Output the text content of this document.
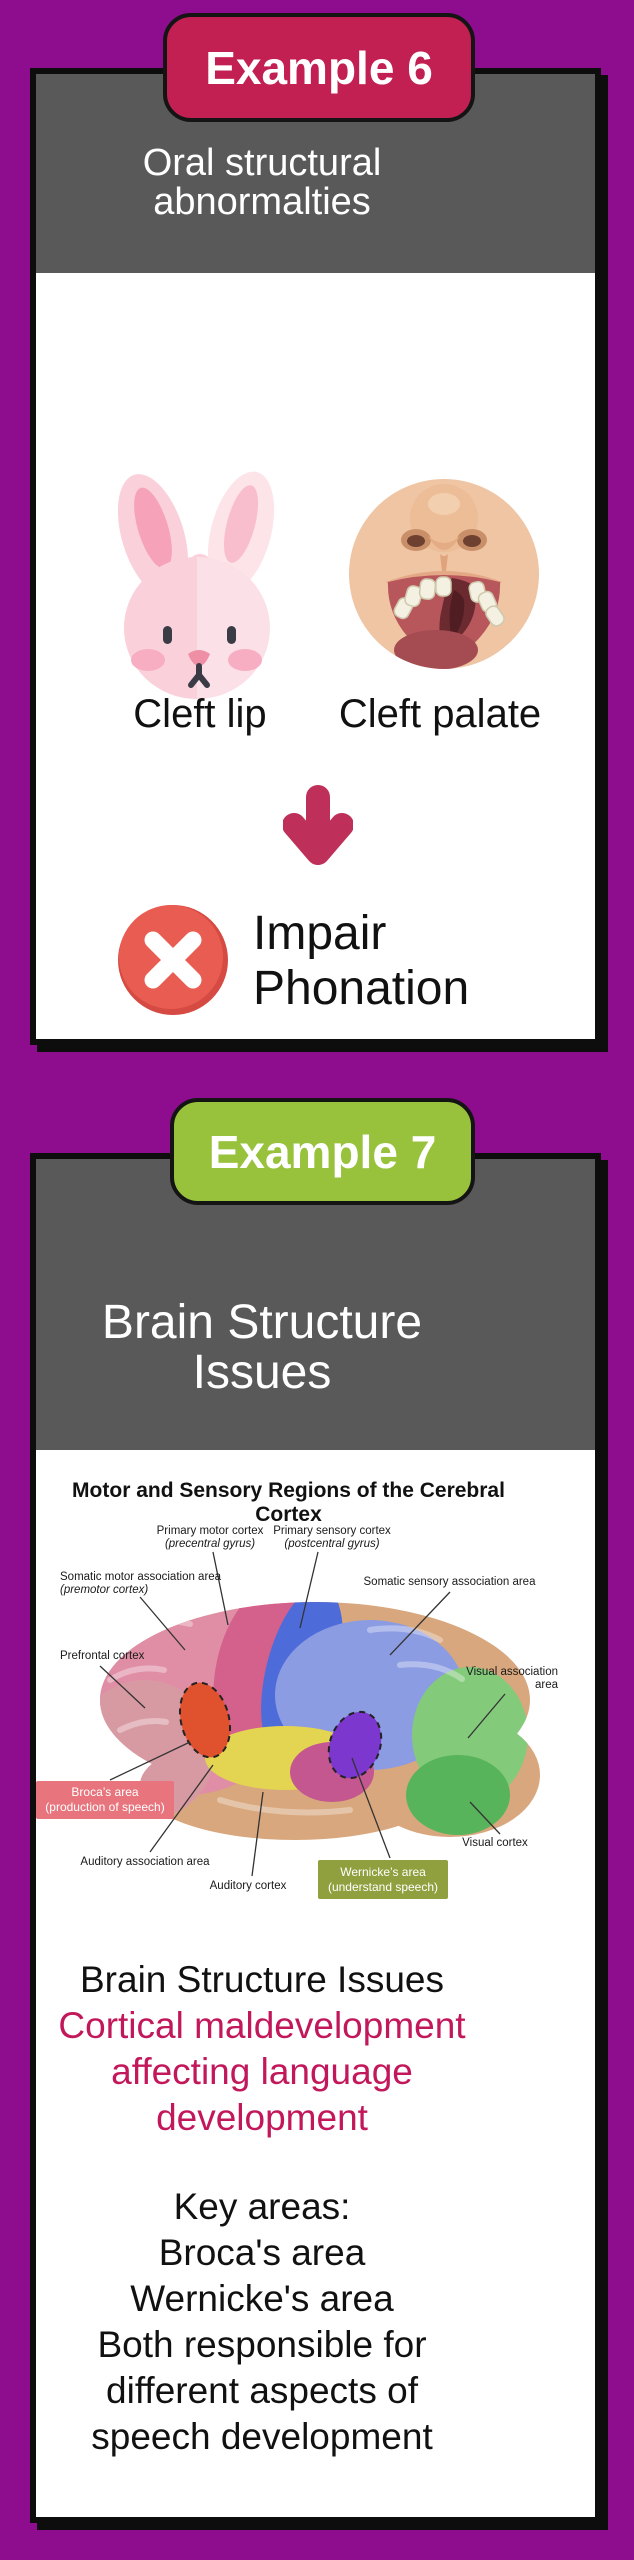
Example 6
Oral structural
abnormalties
Cleft lip	Cleft palate
Impair
Phonation
Example 7
Brain Structure Issues
Motor and Sensory Regions of the Cerebral Cortex
Primary motor cortex
(precentral gyrus)
Primary sensory cortex
(postcentral gyrus)
Somatic motor association area
(premotor cortex)
Somatic sensory association area
Prefrontal cortex
Visual association
area
Broca’s area
(production of speech)
Auditory association area
Auditory cortex
Wernicke’s area
(understand speech)
Visual cortex
Brain Structure Issues
Cortical maldevelopment
affecting language
development
Key areas:
Broca's area
Wernicke's area
Both responsible for
different aspects of
speech development
